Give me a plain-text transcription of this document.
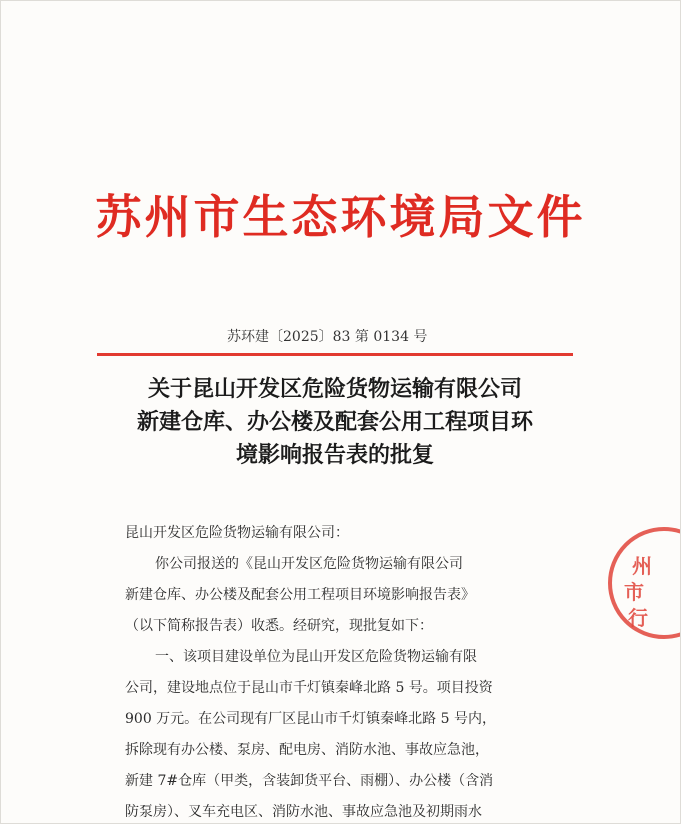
苏州市生态环境局文件
苏环建〔2025〕83 第 0134 号
关于昆山开发区危险货物运输有限公司
新建仓库、办公楼及配套公用工程项目环
境影响报告表的批复

昆山开发区危险货物运输有限公司：

你公司报送的《昆山开发区危险货物运输有限公司

新建仓库、办公楼及配套公用工程项目环境影响报告表》

（以下简称报告表）收悉。经研究，现批复如下：

一、该项目建设单位为昆山开发区危险货物运输有限

公司，建设地点位于昆山市千灯镇秦峰北路 5 号。项目投资

900 万元。在公司现有厂区昆山市千灯镇秦峰北路 5 号内，

拆除现有办公楼、泵房、配电房、消防水池、事故应急池，

新建 7#仓库（甲类，含装卸货平台、雨棚）、办公楼（含消

防泵房）、叉车充电区、消防水池、事故应急池及初期雨水

州
市
行
